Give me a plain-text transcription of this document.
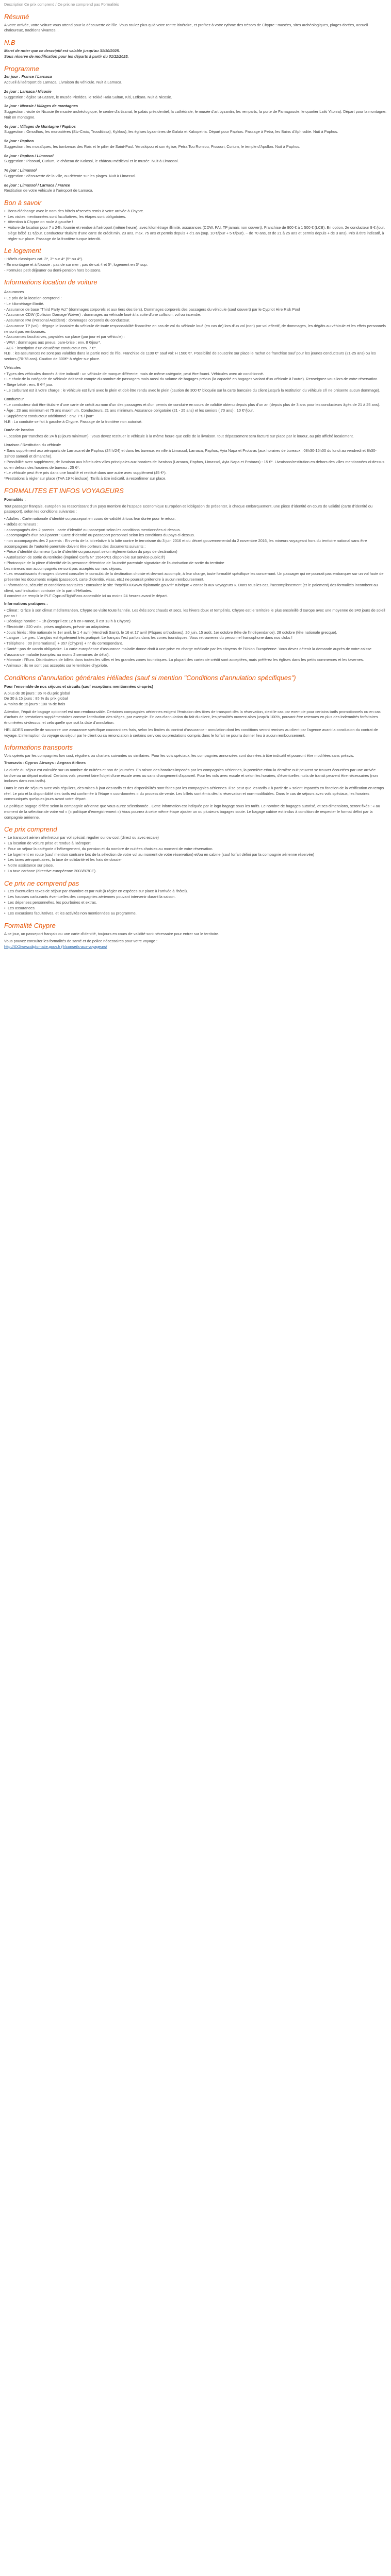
Description Ce prix comprend / Ce prix ne comprend pas Formalités

Résumé

A votre arrivée, votre voiture vous attend pour la découverte de l'île. Vous roulez plus qu'à votre rentre itinéraire, et profitez à votre rythme des trésors de Chypre : musées, sites archéologiques, plages dorées, accueil chaleureux, traditions vivantes...

N.B

Merci de noter que ce descriptif est valable jusqu'au 31/10/2025.

Sous réserve de modification pour les départs à partir du 01/11/2025.

Programme

1er jour : France / Larnaca

Accueil à l'aéroport de Larnaca. Livraison du véhicule. Nuit à Larnaca.

2e jour : Larnaca / Nicosie

Suggestion : église St-Lazare, le musée Pierides, le Tekké Hala Sultan, Kiti, Lefkara. Nuit à Nicosie.

3e jour : Nicosie / Villages de montagnes

Suggestion : visite de Nicosie (le musée archéologique, le centre d'artisanat, le palais présidentiel, la cathédrale, le musée d'art byzantin, les remparts, la porte de Famagouste, le quartier Laiki Yitonia). Départ pour la montagne. Nuit en montagne.

4e jour : Villages de Montagne / Paphos

Suggestion : Omodhos, les monastères (Stv-Croix, Trooditissa), Kykkos), les églises byzantines de Galata et Kakopetria. Départ pour Paphos. Passage à Petra, les Bains d'Aphrodite. Nuit à Paphos.

5e jour : Paphos

Suggestion : les mosaïques, les tombeaux des Rois et le pilier de Saint-Paul. Yeroskipou et son église, Petra Tou Romiou, Pissouri, Curium, le temple d'Apollon. Nuit à Paphos.

6e jour : Paphos / Limassol

Suggestion : Pissouri, Curium, le château de Kolossi, le château médiéval et le musée. Nuit à Limassol.

7e jour : Limassol

Suggestion : découverte de la ville, ou détente sur les plages. Nuit à Limassol.

8e jour : Limassol / Larnaca / France

Restitution de votre véhicule à l'aéroport de Larnaca.

Bon à savoir
• Bons d'échange avec le nom des hôtels réservés remis à votre arrivée à Chypre.
• Les visites mentionnées sont facultatives, les étapes sont obligatoires.
• Attention à Chypre on roule à gauche !
• Voiture de location pour 7 x 24h, fournie et rendue à l'aéroport (même heure), avec kilométrage illimité, assurances (CDW, PAI, TP jamais non couvert), Franchise de 900 € à 1 500 € (LCB). En option, 2e conducteur 9 € /jour, siège bébé 11 €/jour. Conducteur titulaire d'une carte de crédit min. 23 ans, max. 75 ans et permis depuis + d'1 an (sup. 10 €/jour + 5 €/jour). ~ de 70 ans, et de 21 à 25 ans et permis depuis + de 3 ans). Prix à titre indicatif, à régler sur place. Passage de la frontière turque interdit.
Le logement

- Hôtels classiques cat. 3*, 3* sur 4* (5* ou 4*).

- En montagne et à Nicosie : pas de sur mer ; pas de cat 4 et 5*, logement en 3* sup.

- Formules petit déjeuner ou demi-pension hors boissons.

Informations location de voiture

Assurances

• Le prix de la location comprend :

- Le kilométrage illimité.

- Assurance de base "Third Party Act" (dommages corporels et aux tiers des tiers). Dommages corporels des passagers du véhicule (sauf couvert) par le Cypriot Hire Risk Pool

- Assurance CDW (Collision Damage Waiver) : dommages au véhicule loué à la suite d'une collision, vol ou incendie.

- Assurance PAI (Personal Accident) : dommages corporels du conducteur.

- Assurance TP (vol) : dégage le locataire du véhicule de toute responsabilité financière en cas de vol du véhicule loué (en cas de) lors d'un vol (non) par vol effectif, de dommages, les dégâts au véhicule et les effets personnels ne sont pas remboursés.

• Assurances facultatives, payables sur place (par jour et par véhicule) :

- WWI : dommages aux pneus, pare-brise : env. 8 €/jour*.

- ADF : inscription d'un deuxième conducteur env. 7 €*.

N.B. : les assurances ne sont pas valables dans la partie nord de l'île. Franchise de 1100 €* sauf vol: H 1500 €*. Possibilité de souscrire sur place le rachat de franchise sauf pour les jeunes conducteurs (21-25 ans) ou les seniors (70-78 ans). Caution de 300€* à régler sur place.

Véhicules

• Types des véhicules donnés à titre indicatif : un véhicule de marque différente, mais de même catégorie, peut être fourni. Véhicules avec air conditionné.

• Le choix de la catégorie de véhicule doit tenir compte du nombre de passagers mais aussi du volume de bagages prévus (la capacité en bagages variant d'un véhicule à l'autre). Renseignez-vous lors de votre réservation.

• Siège bébé : env. 9 €*/ jour.

• Le carburant est à votre charge : le véhicule est livré avec le plein et doit être rendu avec le plein (caution de 300 €* bloquée sur la carte bancaire du client jusqu'à la restitution du véhicule s'il ne présente aucun dommage).

Conducteur

• Le conducteur doit être titulaire d'une carte de crédit au nom d'un des passagers et d'un permis de conduire en cours de validité obtenu depuis plus d'un an (depuis plus de 3 ans pour les conducteurs âgés de 21 à 25 ans).

• Âge : 23 ans minimum et 75 ans maximum. Conducteurs, 21 ans minimum. Assurance obligatoire (21 - 25 ans) et les seniors ( 70 ans) : 10 €*/jour.

• Supplément conducteur additionnel : env. 7 € / jour*

N.B : La conduite se fait à gauche à Chypre. Passage de la frontière non autorisé.

Durée de location

• Location par tranches de 24 h (3 jours minimum) : vous devez restituer le véhicule à la même heure que celle de la livraison. tout dépassement sera facturé sur place par le loueur, au prix affiché localement.

Livraison / Restitution du véhicule

• Sans supplément aux aéroports de Larnaca et de Paphos (24 h/24) et dans les bureaux en ville à Limassol, Larnaca, Paphos, Ayia Napa et Protaras (aux horaires de bureaux : 08h30-15h00 du lundi au vendredi et 8h30-13h00 samedi et dimanche).

• Possibilité avec supplément, de livraison aux hôtels des villes principales aux horaires de livraison (Larnaca, Paphos, Limassol, Ayia Napa et Protaras) : 15 €*. Livraisons/restitution en dehors des villes mentionnées ci-dessus ou en dehors des horaires de bureau : 25 €*.

• Le véhicule peut être pris dans une localité et restitué dans une autre avec supplément (45 €*).

*Prestations à régler sur place (TVA 19 % incluse). Tarifs à titre indicatif, à reconfirmer sur place.

FORMALITES ET INFOS VOYAGEURS

Formalités :

Tout passager français, européen ou ressortissant d'un pays membre de l'Espace Economique Européen et l'obligation de présenter, à chaque embarquement, une pièce d'identité en cours de validité (carte d'identité ou passeport), selon les conditions suivantes :

• Adultes : Carte nationale d'identité ou passeport en cours de validité à tous leur durée pour le retour.

• Bébés et mineurs :

- accompagnés des 2 parents : carte d'identité ou passeport selon les conditions mentionnées ci-dessus.

- accompagnés d'un seul parent : Carte d'identité ou passeport personnel selon les conditions du pays ci-dessus.

- non accompagnés des 2 parents : En vertu de la loi relative à la lutte contre le terrorisme du 3 juin 2016 et du décret gouvernemental du 2 novembre 2016, les mineurs voyageant hors du territoire national sans être accompagnés de l'autorité parentale doivent être porteurs des documents suivants :

• Pièce d'identité du mineur (carte d'identité ou passeport selon réglementation du pays de destination)

• Autorisation de sortie du territoire (imprimé Cerfa N° 15646*01 disponible sur service-public.fr)

• Photocopie de la pièce d'identité de la personne détentrice de l'autorité parentale signataire de l'autorisation de sortie du territoire

Les mineurs non accompagnés ne sont pas acceptés sur nos séjours.

• Les ressortissants étrangers doivent consulter le consulat de la destination choisie et devront accomplir, à leur charge, toute formalité spécifique les concernant. Un passager qui ne pourrait pas embarquer sur un vol faute de présenter les documents exigés (passeport, carte d'identité, visas, etc.) ne pourrait prétendre à aucun remboursement.

• Informations, sécurité et conditions sanitaires : consultez le site "http:///XXXwww.diplomatie.gouv.fr" rubrique « conseils aux voyageurs ». Dans tous les cas, l'accomplissement (et le paiement) des formalités incombent au client, sauf indication contraire de la part d'Héliades.

Il convient de remplir le PLF CyprusFlightPass accessible ici au moins 24 heures avant le départ.

Informations pratiques :

• Climat : Grâce à son climat méditerranéen, Chypre se visite toute l'année. Les étés sont chauds et secs, les hivers doux et tempérés. Chypre est le territoire le plus ensoleillé d'Europe avec une moyenne de 340 jours de soleil par an !

• Décalage horaire : + 1h (lorsqu'il est 12 h en France, il est 13 h à Chypre)

• Électricité : 220 volts, prises anglaises, prévoir un adaptateur.

• Jours fériés : fête nationale le 1er avril, le 1 4 avril (Vendredi Saint), le 16 et 17 avril (Pâques orthodoxes), 20 juin, 15 août, 1er octobre (fête de l'indépendance), 28 octobre (fête nationale grecque).

• Langue : Le grec. L'anglais est également très pratiqué. Le français l'est parfois dans les zones touristiques. Vous retrouverez du personnel francophone dans nos clubs !

• Téléphone : 00 (International) + 357 (Chypre) + n° du correspondant.

• Santé : pas de vaccin obligatoire. La carte européenne d'assurance maladie donne droit à une prise en charge médicale par les citoyens de l'Union Européenne. Vous devez détenir la demande auprès de votre caisse d'assurance maladie (comptez au moins 2 semaines de délai).

• Monnaie : l'Euro. Distributeurs de billets dans toutes les villes et les grandes zones touristiques. La plupart des cartes de crédit sont acceptées, mais préférez les églises dans les petits commerces et les tavernes.

• Animaux : ils ne sont pas acceptés sur le territoire chypriote.

Conditions d'annulation générales Héliades (sauf si mention "Conditions d'annulation spécifiques")

Pour l'ensemble de nos séjours et circuits (sauf exceptions mentionnées ci-après)

A plus de 30 jours : 35 % du prix global

De 30 à 15 jours : 85 % du prix global

A moins de 15 jours : 100 % de frais

Attention, l'équit de bagage optionnel est non remboursable. Certaines compagnies aériennes exigent l'émission des titres de transport dès la réservation, c'est le cas par exemple pour certains tarifs promotionnels ou en cas d'achats de prestations supplémentaires comme l'attribution des sièges, par exemple. En cas d'annulation du fait du client, les pénalités ouvrent alors jusqu'à 100%, pouvant être retenues en plus des indemnités forfaitaires énumérées ci-dessus, et cela quelle que soit la date d'annulation.

HELIADES conseille de souscrire une assurance spécifique couvrant ces frais, selon les limites du contrat d'assurance - annulation dont les conditions seront remises au client par l'agence avant la conclusion du contrat de voyage. L'interruption du voyage ou séjour par le client ou sa renonciation à certains services ou prestations compris dans le forfait ne pourra donner lieu à aucun remboursement.

Informations transports

Vols opérés par les compagnies low cost, réguliers ou charters suivantes ou similaires. Pour les vols spéciaux, les compagnies annoncées sont données à titre indicatif et pourront être modifiées sans préavis.

Transavia - Cyprus Airways - Aegean Airlines

La durée du séjour est calculée sur un nombre de nuitées et non de journées. En raison des horaires imposés par les compagnies aériennes, la première et/ou la dernière nuit peuvent se trouver écourtées par une arrivée tardive ou un départ matinal. Certains vols peuvent faire l'objet d'une escale avec ou sans changement d'appareil. Pour les vols avec escale et selon les horaires, d'éventuelles nuits de transit peuvent être nécessaires (non incluses dans nos tarifs).

Dans le cas de séjours avec vols réguliers, des mises à jour des tarifs et des disponibilités sont faites par les compagnies aériennes. Il se peut que les tarifs « à partir de » soient impactés en fonction de la vérification en temps réel. Le prix et la disponibilité des tarifs est confirmée à l'étape « coordonnées » du process de vente. Les billets sont émis dès la réservation et non-modifiables. Dans le cas de séjours avec vols spéciaux, les horaires communiqués quelques jours avant votre départ.

La politique bagage diffère selon la compagnie aérienne que vous aurez sélectionnée . Cette information est indiquée par le logo bagage sous les tarifs. Le nombre de bagages autorisé, et ses dimensions, seront fixés : « au moment de la sélection de votre vol » (« politique d'enregistrement ») Vous pourrez à cette même étape ajouter un ou plusieurs bagages soute. Le bagage cabine est inclus à condition de respecter le format défini par la compagnie aérienne.

Ce prix comprend
• Le transport aérien aller/retour par vol spécial, régulier ou low cost (direct ou avec escale)
• La location de voiture prise et rendue à l'aéroport
• Pour un séjour la catégorie d'hébergement, du pension et du nombre de nuitées choisies au moment de votre réservation.
• Le logement en route (sauf mention contraire lors de la sélection de votre vol au moment de votre réservation) et/ou en cabine (sauf forfait défini par la compagnie aérienne réservée)
• Les taxes aéroportuaires, la taxe de solidarité et les frais de dossier
• Notre assistance sur place.
• La taxe carbone (directive européenne 2003/87/CE).
Ce prix ne comprend pas
• Les éventuelles taxes de séjour par chambre et par nuit (à régler en espèces sur place à l'arrivée à l'hôtel).
• Les hausses carburants éventuelles des compagnies aériennes pouvant intervenir durant la saison.
• Les dépenses personnelles, les pourboires et extras.
• Les assurances.
• Les excursions facultatives, et les activités non mentionnées au programme.
Formalité Chypre

A ce jour, un passeport français ou une carte d'identité, toujours en cours de validité sont nécessaire pour entrer sur le territoire.

Vous pouvez consulter les formalités de santé et de police nécessaires pour votre voyage :

http://XXXwww.diplomatie.gouv.fr (fr/conseils-aux-voyageurs/
